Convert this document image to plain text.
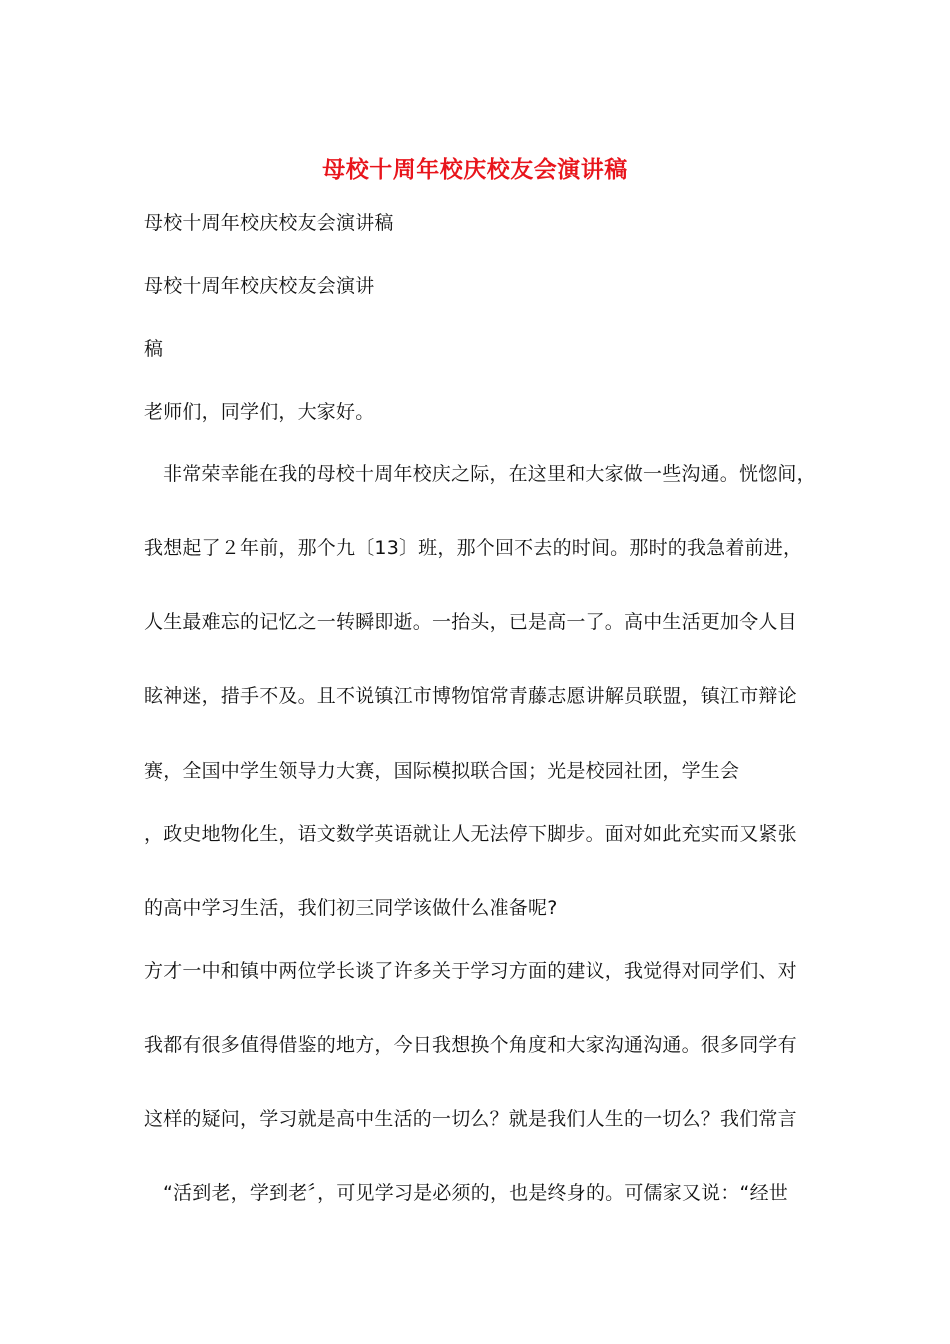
母校十周年校庆校友会演讲稿
母校十周年校庆校友会演讲稿
母校十周年校庆校友会演讲
稿
老师们，同学们，大家好。
非常荣幸能在我的母校十周年校庆之际，在这里和大家做一些沟通。恍惚间，
我想起了２年前，那个九〔13〕班，那个回不去的时间。那时的我急着前进，
人生最难忘的记忆之一转瞬即逝。一抬头，已是高一了。高中生活更加令人目
眩神迷，措手不及。且不说镇江市博物馆常青藤志愿讲解员联盟，镇江市辩论
赛，全国中学生领导力大赛，国际模拟联合国；光是校园社团，学生会
，政史地物化生，语文数学英语就让人无法停下脚步。面对如此充实而又紧张
的高中学习生活，我们初三同学该做什么准备呢?
方才一中和镇中两位学长谈了许多关于学习方面的建议，我觉得对同学们、对
我都有很多值得借鉴的地方，今日我想换个角度和大家沟通沟通。很多同学有
这样的疑问，学习就是高中生活的一切么？就是我们人生的一切么？我们常言
“活到老，学到老〞，可见学习是必须的，也是终身的。可儒家又说：“经世
